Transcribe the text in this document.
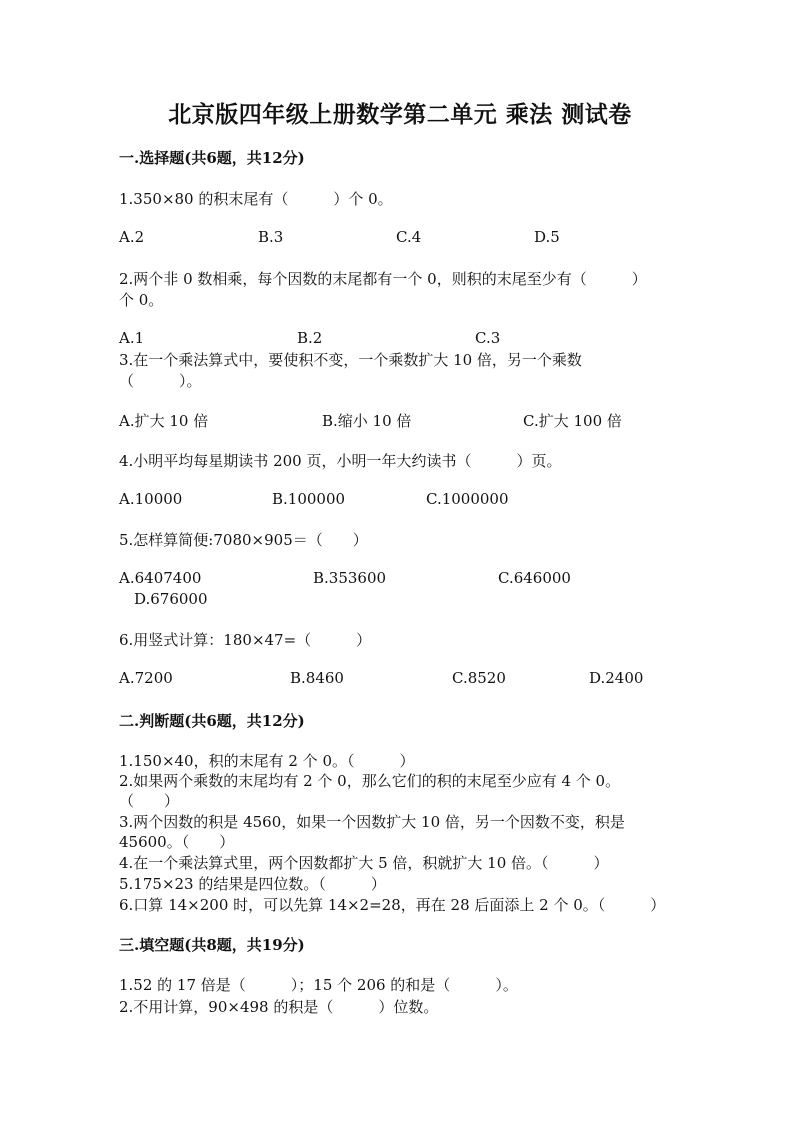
北京版四年级上册数学第二单元 乘法 测试卷
一.选择题(共6题，共12分)
1.350×80 的积末尾有（　　　）个 0。
A.2	B.3	C.4	D.5
2.两个非 0 数相乘，每个因数的末尾都有一个 0，则积的末尾至少有（　　　）
个 0。
A.1	B.2	C.3
3.在一个乘法算式中，要使积不变，一个乘数扩大 10 倍，另一个乘数
（　　　）。
A.扩大 10 倍	B.缩小 10 倍	C.扩大 100 倍
4.小明平均每星期读书 200 页，小明一年大约读书（　　　）页。
A.10000	B.100000	C.1000000
5.怎样算简便:7080×905＝（　　）
A.6407400	B.353600	C.646000
D.676000
6.用竖式计算：180×47=（　　　）
A.7200	B.8460	C.8520	D.2400
二.判断题(共6题，共12分)
1.150×40，积的末尾有 2 个 0。（　　　）
2.如果两个乘数的末尾均有 2 个 0，那么它们的积的末尾至少应有 4 个 0。
（　　）
3.两个因数的积是 4560，如果一个因数扩大 10 倍，另一个因数不变，积是
45600。（　　）
4.在一个乘法算式里，两个因数都扩大 5 倍，积就扩大 10 倍。（　　　）
5.175×23 的结果是四位数。（　　　）
6.口算 14×200 时，可以先算 14×2=28，再在 28 后面添上 2 个 0。（　　　）
三.填空题(共8题，共19分)
1.52 的 17 倍是（　　　）；15 个 206 的和是（　　　）。
2.不用计算，90×498 的积是（　　　）位数。
